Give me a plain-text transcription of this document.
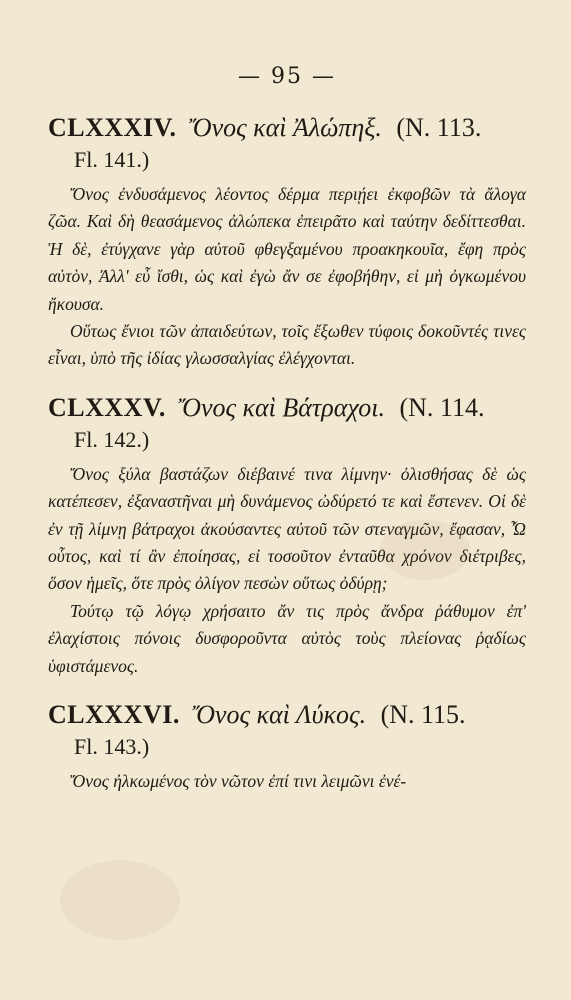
— 95 —

CLXXXIV. Ὄνος καὶ Ἀλώπηξ. (N. 113.

Fl. 141.)

Ὄνος ἐνδυσάμενος λέοντος δέρμα περιῄει ἐκφοβῶν τὰ ἄλογα ζῶα. Καὶ δὴ θεασάμενος ἀλώπεκα ἐπειρᾶτο καὶ ταύτην δεδίττεσθαι. Ἡ δὲ, ἐτύγχανε γὰρ αὐτοῦ φθεγξαμένου προακηκουῖα, ἔφη πρὸς αὐτὸν, Ἀλλ' εὖ ἴσθι, ὡς καὶ ἐγὼ ἄν σε ἐφοβήθην, εἰ μὴ ὀγκωμένου ἤκουσα.

Οὕτως ἔνιοι τῶν ἀπαιδεύτων, τοῖς ἔξωθεν τύφοις δοκοῦντές τινες εἶναι, ὑπὸ τῆς ἰδίας γλωσσαλγίας ἐλέγχονται.

CLXXXV. Ὄνος καὶ Βάτραχοι. (N. 114.

Fl. 142.)

Ὄνος ξύλα βαστάζων διέβαινέ τινα λίμνην· ὀλισθήσας δὲ ὡς κατέπεσεν, ἐξαναστῆναι μὴ δυνάμενος ὠδύρετό τε καὶ ἔστενεν. Οἱ δὲ ἐν τῇ λίμνῃ βάτραχοι ἀκούσαντες αὐτοῦ τῶν στεναγμῶν, ἔφασαν, Ὦ οὗτος, καὶ τί ἂν ἐποίησας, εἰ τοσοῦτον ἐνταῦθα χρόνον διέτριβες, ὅσον ἡμεῖς, ὅτε πρὸς ὀλίγον πεσὼν οὕτως ὀδύρῃ;

Τούτῳ τῷ λόγῳ χρήσαιτο ἄν τις πρὸς ἄνδρα ῥάθυμον ἐπ' ἐλαχίστοις πόνοις δυσφοροῦντα αὐτὸς τοὺς πλείονας ῥᾳδίως ὑφιστάμενος.

CLXXXVI. Ὄνος καὶ Λύκος. (N. 115.

Fl. 143.)

Ὄνος ἠλκωμένος τὸν νῶτον ἐπί τινι λειμῶνι ἐνέ-
